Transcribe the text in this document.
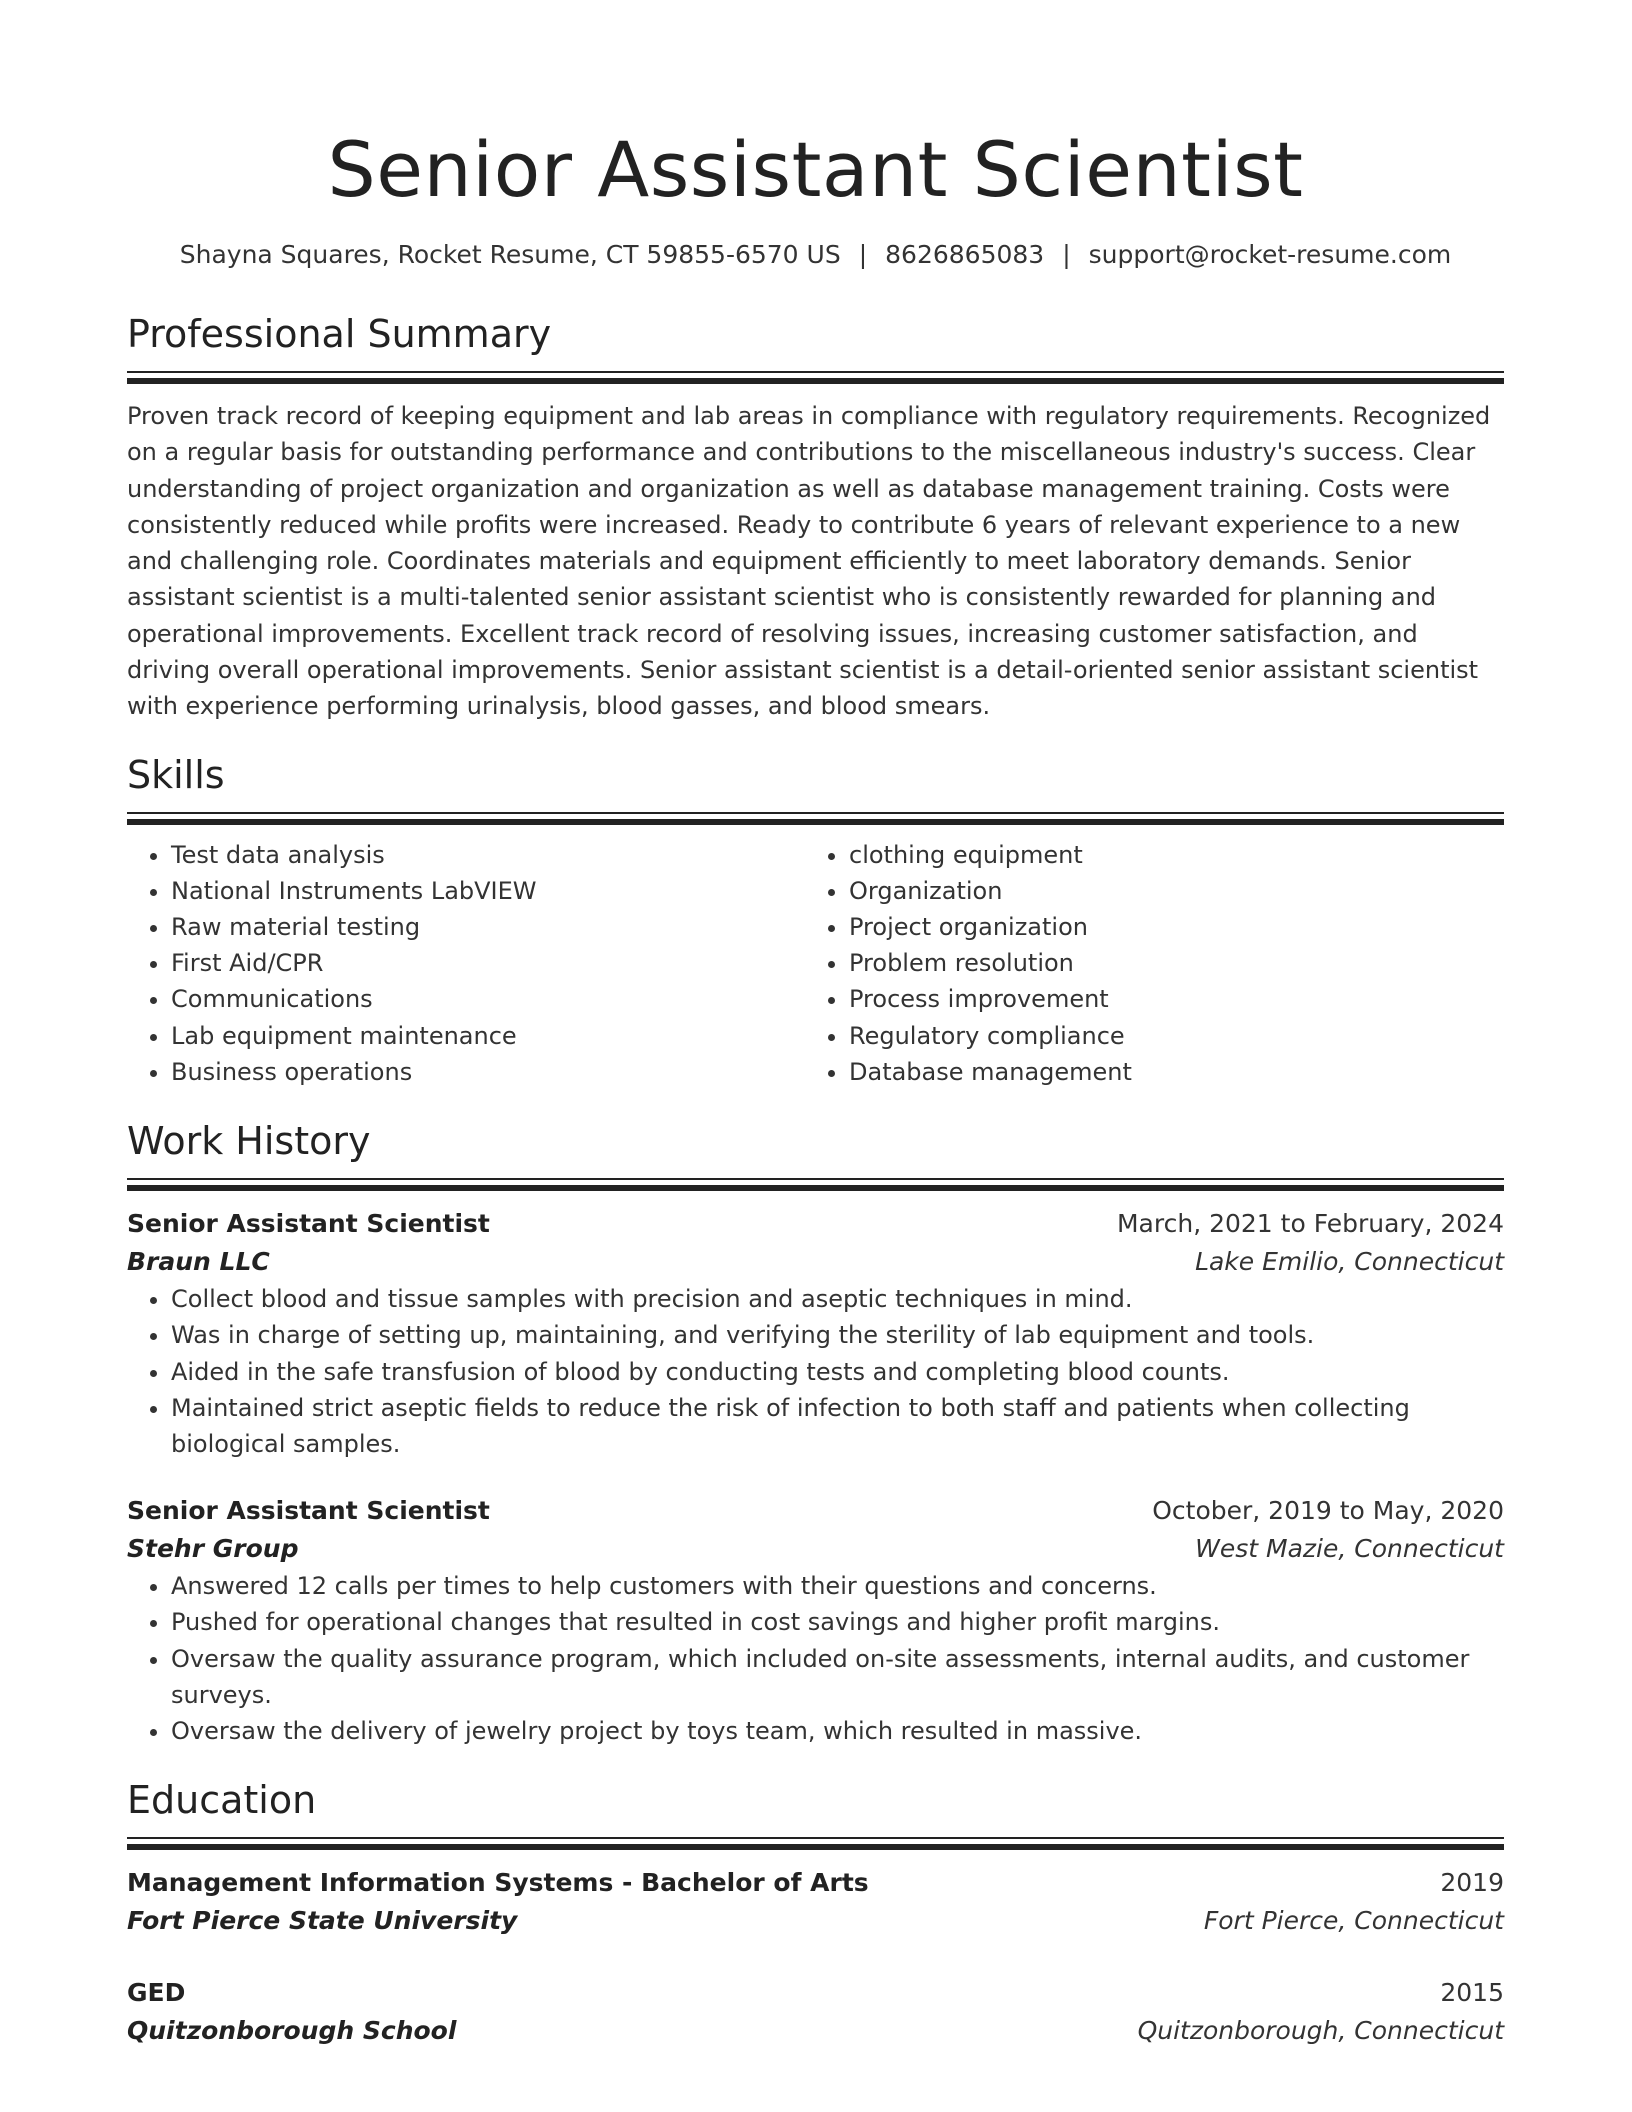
Senior Assistant Scientist
Shayna Squares, Rocket Resume, CT 59855-6570 US | 8626865083 | support@rocket-resume.com
Professional Summary
Proven track record of keeping equipment and lab areas in compliance with regulatory requirements. Recognized on a regular basis for outstanding performance and contributions to the miscellaneous industry's success. Clear understanding of project organization and organization as well as database management training. Costs were consistently reduced while profits were increased. Ready to contribute 6 years of relevant experience to a new and challenging role. Coordinates materials and equipment efficiently to meet laboratory demands. Senior assistant scientist is a multi-talented senior assistant scientist who is consistently rewarded for planning and operational improvements. Excellent track record of resolving issues, increasing customer satisfaction, and driving overall operational improvements. Senior assistant scientist is a detail-oriented senior assistant scientist with experience performing urinalysis, blood gasses, and blood smears.
Skills
• Test data analysis
• National Instruments LabVIEW
• Raw material testing
• First Aid/CPR
• Communications
• Lab equipment maintenance
• Business operations
• clothing equipment
• Organization
• Project organization
• Problem resolution
• Process improvement
• Regulatory compliance
• Database management
Work History
Senior Assistant Scientist	March, 2021 to February, 2024
Braun LLC	Lake Emilio, Connecticut
• Collect blood and tissue samples with precision and aseptic techniques in mind.
• Was in charge of setting up, maintaining, and verifying the sterility of lab equipment and tools.
• Aided in the safe transfusion of blood by conducting tests and completing blood counts.
• Maintained strict aseptic fields to reduce the risk of infection to both staff and patients when collecting biological samples.
Senior Assistant Scientist	October, 2019 to May, 2020
Stehr Group	West Mazie, Connecticut
• Answered 12 calls per times to help customers with their questions and concerns.
• Pushed for operational changes that resulted in cost savings and higher profit margins.
• Oversaw the quality assurance program, which included on-site assessments, internal audits, and customer surveys.
• Oversaw the delivery of jewelry project by toys team, which resulted in massive.
Education
Management Information Systems - Bachelor of Arts	2019
Fort Pierce State University	Fort Pierce, Connecticut
GED	2015
Quitzonborough School	Quitzonborough, Connecticut
